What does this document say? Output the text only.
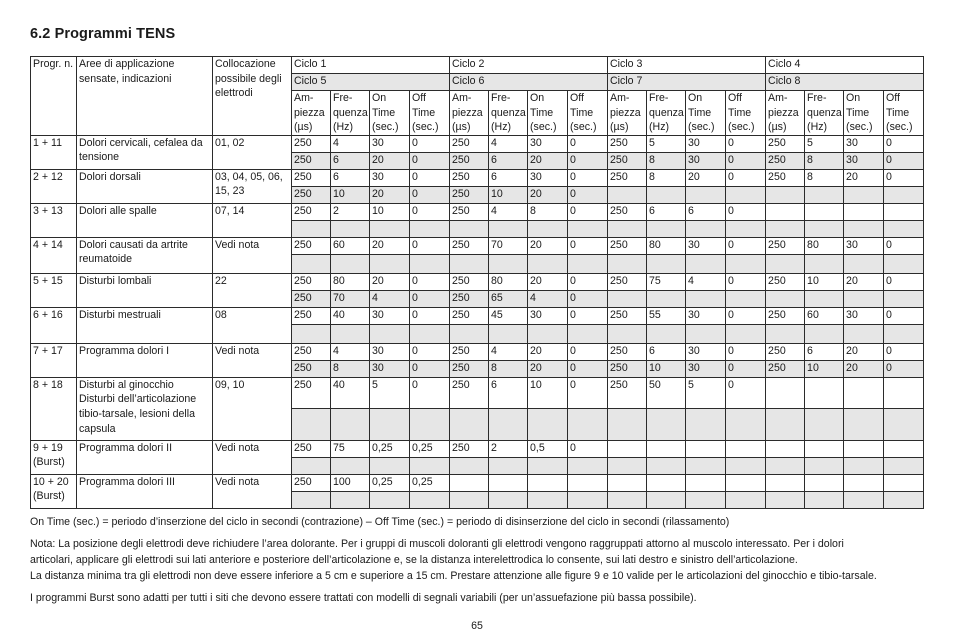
6.2 Programmi TENS
Progr. n.	Aree di applicazione sensate, indicazioni	Collocazione possibile degli elettrodi	Ciclo 1				Ciclo 2				Ciclo 3				Ciclo 4			
			Ciclo 5				Ciclo 6				Ciclo 7				Ciclo 8			
			Am-piezza (µs)	Fre-quenza (Hz)	On Time (sec.)	Off Time (sec.)	Am-piezza (µs)	Fre-quenza (Hz)	On Time (sec.)	Off Time (sec.)	Am-piezza (µs)	Fre-quenza (Hz)	On Time (sec.)	Off Time (sec.)	Am-piezza (µs)	Fre-quenza (Hz)	On Time (sec.)	Off Time (sec.)
1 + 11	Dolori cervicali, cefalea da tensione	01, 02	250	4	30	0	250	4	30	0	250	5	30	0	250	5	30	0
			250	6	20	0	250	6	20	0	250	8	30	0	250	8	30	0
2 + 12	Dolori dorsali	03, 04, 05, 06, 15, 23	250	6	30	0	250	6	30	0	250	8	20	0	250	8	20	0
			250	10	20	0	250	10	20	0								
3 + 13	Dolori alle spalle	07, 14	250	2	10	0	250	4	8	0	250	6	6	0				

4 + 14	Dolori causati da artrite reumatoide	Vedi nota	250	60	20	0	250	70	20	0	250	80	30	0	250	80	30	0

5 + 15	Disturbi lombali	22	250	80	20	0	250	80	20	0	250	75	4	0	250	10	20	0
			250	70	4	0	250	65	4	0								
6 + 16	Disturbi mestruali	08	250	40	30	0	250	45	30	0	250	55	30	0	250	60	30	0

7 + 17	Programma dolori I	Vedi nota	250	4	30	0	250	4	20	0	250	6	30	0	250	6	20	0
			250	8	30	0	250	8	20	0	250	10	30	0	250	10	20	0
8 + 18	Disturbi al ginocchio Disturbi dell’articolazione tibio-tarsale, lesioni della capsula	09, 10	250	40	5	0	250	6	10	0	250	50	5	0				

9 + 19 (Burst)	Programma dolori II	Vedi nota	250	75	0,25	0,25	250	2	0,5	0								

10 + 20 (Burst)	Programma dolori III	Vedi nota	250	100	0,25	0,25												

On Time (sec.) = periodo d’inserzione del ciclo in secondi (contrazione) – Off Time (sec.) = periodo di disinserzione del ciclo in secondi (rilassamento)
Nota: La posizione degli elettrodi deve richiudere l’area dolorante. Per i gruppi di muscoli doloranti gli elettrodi vengono raggruppati attorno al muscolo interessato. Per i dolori
articolari, applicare gli elettrodi sui lati anteriore e posteriore dell’articolazione e, se la distanza interelettrodica lo consente, sui lati destro e sinistro dell’articolazione.
La distanza minima tra gli elettrodi non deve essere inferiore a 5 cm e superiore a 15 cm. Prestare attenzione alle figure 9 e 10 valide per le articolazioni del ginocchio e tibio-tarsale.
I programmi Burst sono adatti per tutti i siti che devono essere trattati con modelli di segnali variabili (per un’assuefazione più bassa possibile).
65
